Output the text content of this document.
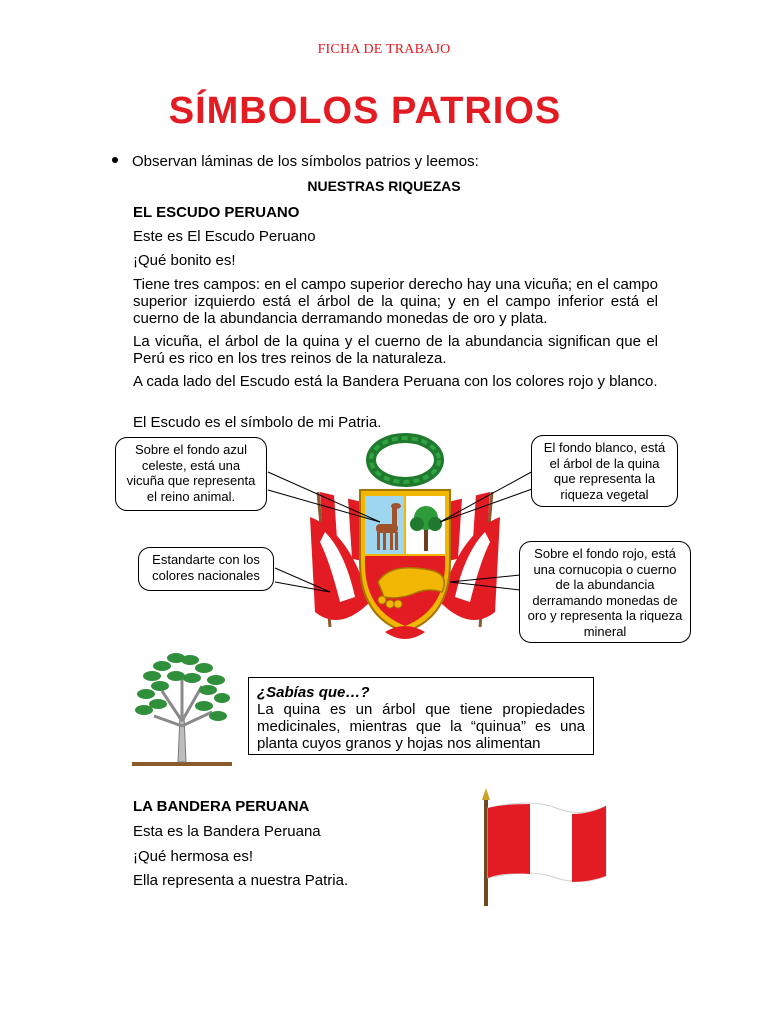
FICHA DE TRABAJO
SÍMBOLOS PATRIOS
Observan láminas de los símbolos patrios y leemos:
NUESTRAS RIQUEZAS
EL ESCUDO PERUANO
Este es El Escudo Peruano
¡Qué bonito es!
Tiene tres campos: en el campo superior derecho hay una vicuña; en el campo superior izquierdo está el árbol de la quina; y en el campo inferior está el cuerno de la abundancia derramando monedas de oro y plata.
La vicuña, el árbol de la quina y el cuerno de la abundancia significan que el Perú es rico en los tres reinos de la naturaleza.
A cada lado del Escudo está la Bandera Peruana con los colores rojo y blanco.
El Escudo es el símbolo de mi Patria.
Sobre el fondo azul celeste, está una vicuña que representa el reino animal.
El fondo blanco, está el árbol de la quina que representa la riqueza vegetal
Estandarte con los colores nacionales
Sobre el fondo rojo, está una cornucopia o cuerno de la abundancia derramando monedas de oro y representa la riqueza mineral
¿Sabías que…?
La quina es un árbol que tiene propiedades medicinales, mientras que la “quinua” es una planta cuyos granos y hojas nos alimentan
LA BANDERA PERUANA
Esta es la Bandera Peruana
¡Qué hermosa es!
Ella representa a nuestra Patria.
